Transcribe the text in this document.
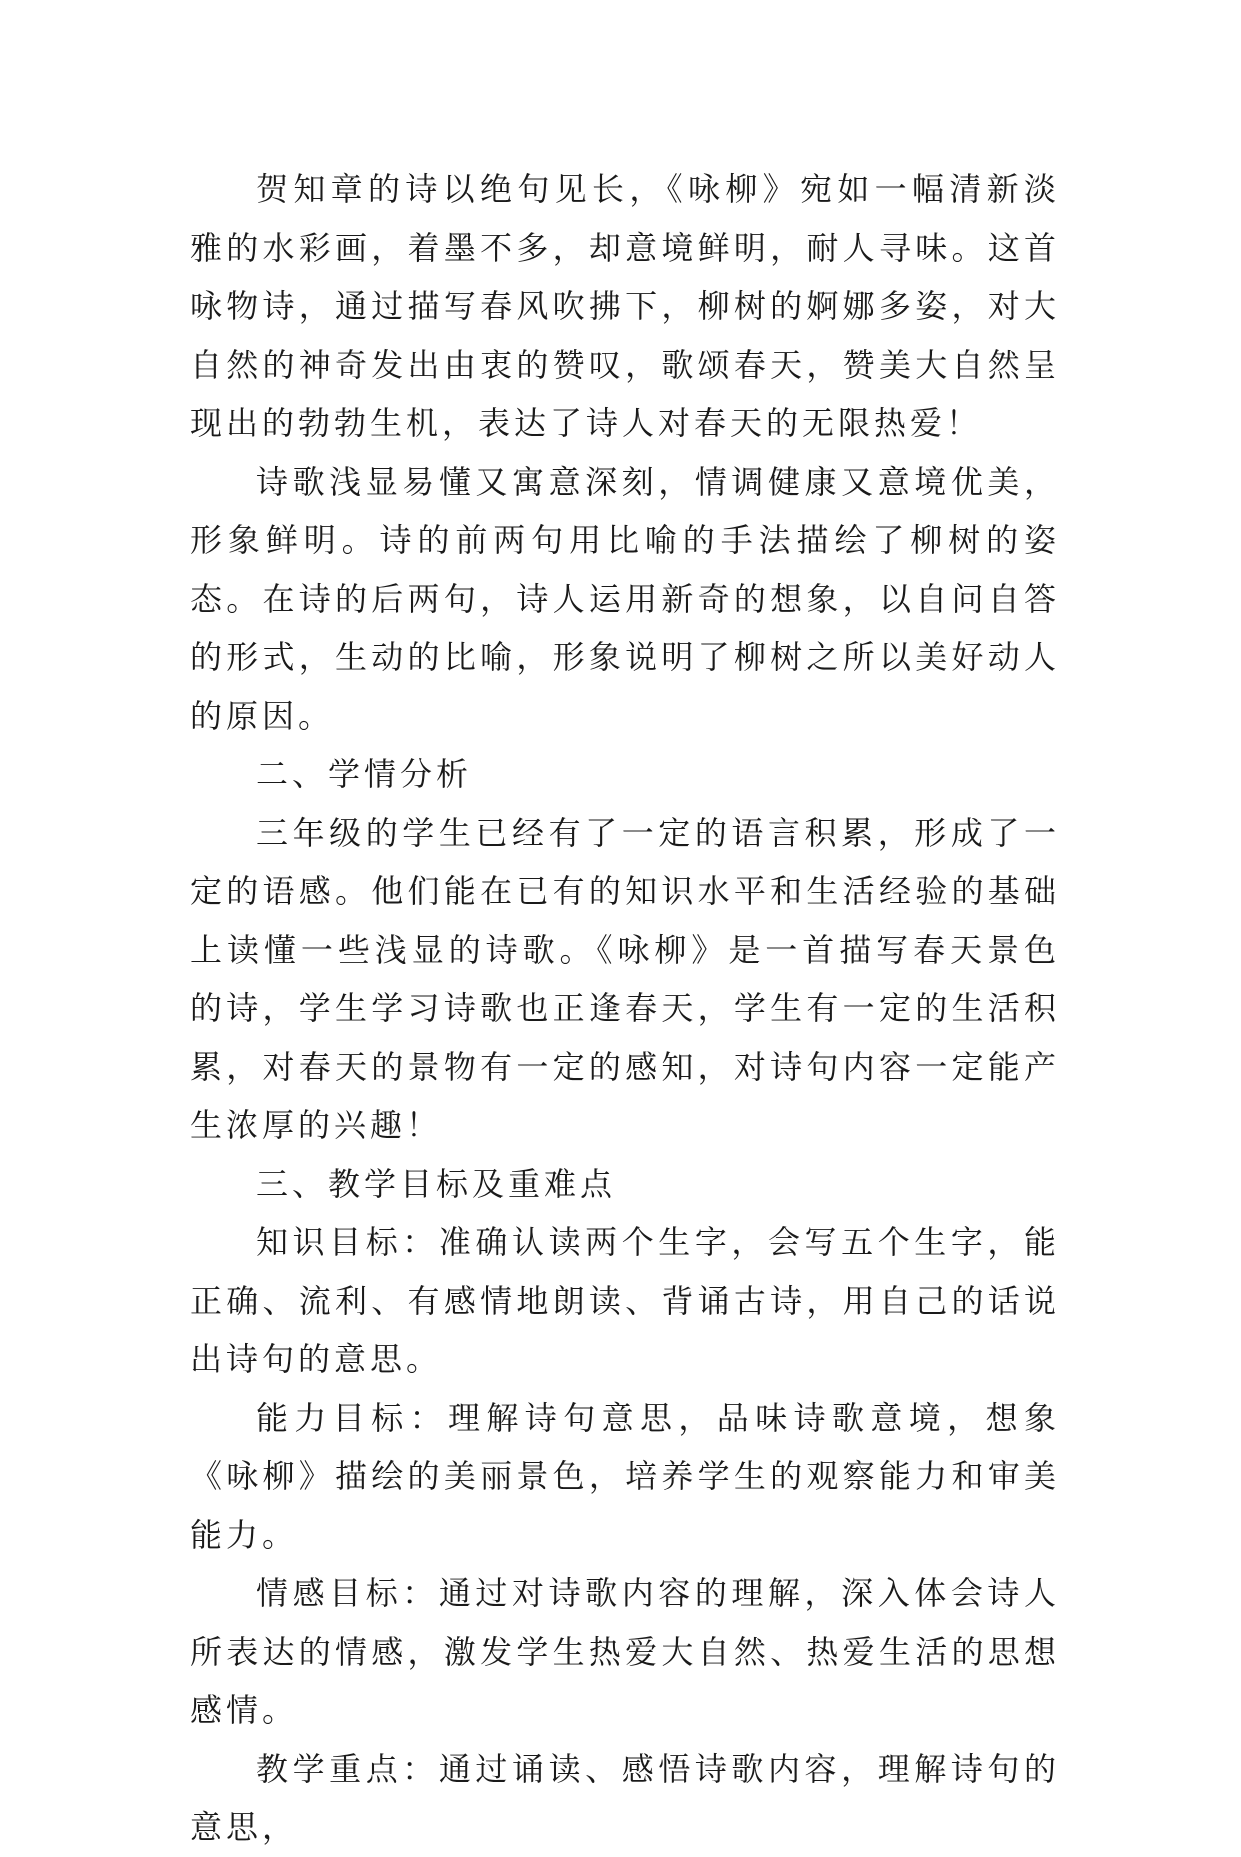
贺知章的诗以绝句见长，《咏柳》宛如一幅清新淡雅的水彩画，着墨不多，却意境鲜明，耐人寻味。这首咏物诗，通过描写春风吹拂下，柳树的婀娜多姿，对大自然的神奇发出由衷的赞叹，歌颂春天，赞美大自然呈现出的勃勃生机，表达了诗人对春天的无限热爱！

诗歌浅显易懂又寓意深刻，情调健康又意境优美，形象鲜明。诗的前两句用比喻的手法描绘了柳树的姿态。在诗的后两句，诗人运用新奇的想象，以自问自答的形式，生动的比喻，形象说明了柳树之所以美好动人的原因。

二、学情分析

三年级的学生已经有了一定的语言积累，形成了一定的语感。他们能在已有的知识水平和生活经验的基础上读懂一些浅显的诗歌。《咏柳》是一首描写春天景色的诗，学生学习诗歌也正逢春天，学生有一定的生活积累，对春天的景物有一定的感知，对诗句内容一定能产生浓厚的兴趣！

三、教学目标及重难点

知识目标：准确认读两个生字，会写五个生字，能正确、流利、有感情地朗读、背诵古诗，用自己的话说出诗句的意思。

能力目标：理解诗句意思，品味诗歌意境，想象《咏柳》描绘的美丽景色，培养学生的观察能力和审美能力。

情感目标：通过对诗歌内容的理解，深入体会诗人所表达的情感，激发学生热爱大自然、热爱生活的思想感情。

教学重点：通过诵读、感悟诗歌内容，理解诗句的意思，
